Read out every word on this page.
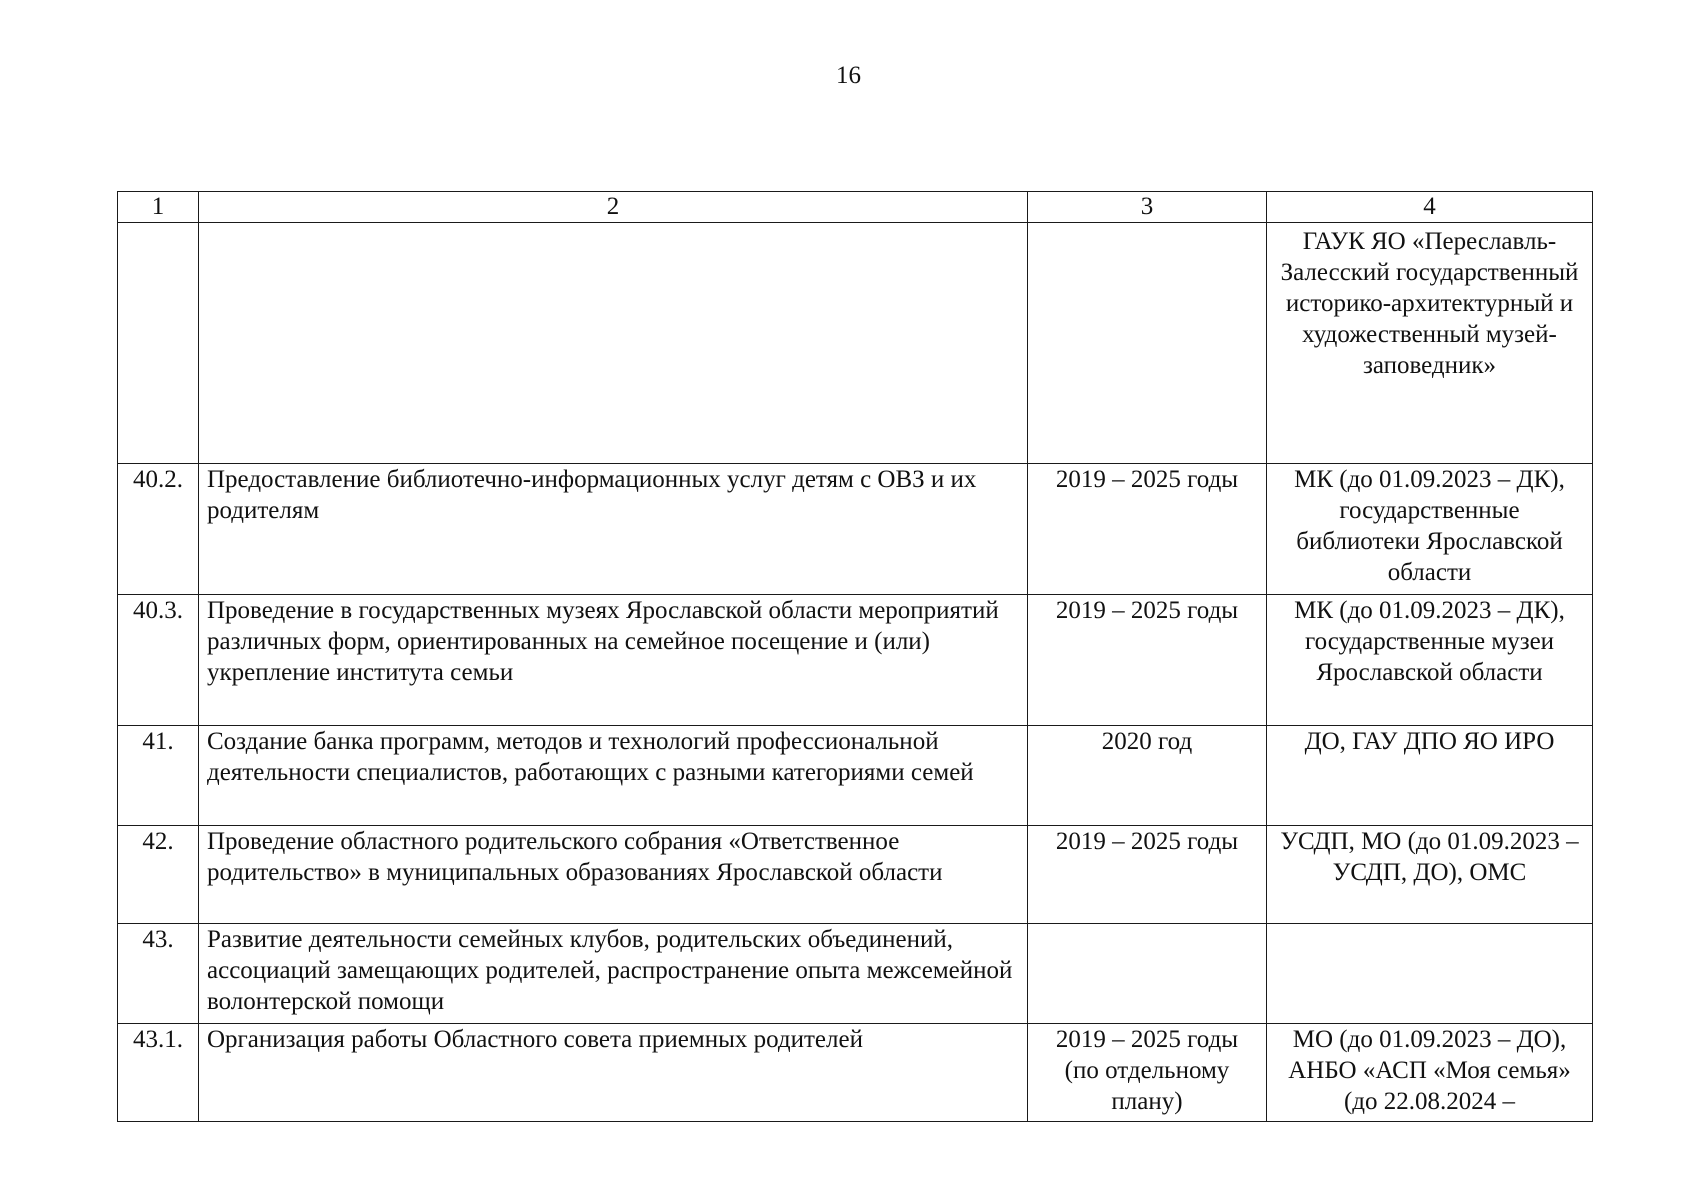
16
1	2	3	4
			ГАУК ЯО «Переславль-Залесский государственный историко-архитектурный и художественный музей-заповедник»
40.2.	Предоставление библиотечно-информационных услуг детям с ОВЗ и их родителям	2019 – 2025 годы	МК (до 01.09.2023 – ДК), государственные библиотеки Ярославской области
40.3.	Проведение в государственных музеях Ярославской области мероприятий различных форм, ориентированных на семейное посещение и (или) укрепление института семьи	2019 – 2025 годы	МК (до 01.09.2023 – ДК), государственные музеи Ярославской области
41.	Создание банка программ, методов и технологий профессиональной деятельности специалистов, работающих с разными категориями семей	2020 год	ДО, ГАУ ДПО ЯО ИРО
42.	Проведение областного родительского собрания «Ответственное родительство» в муниципальных образованиях Ярославской области	2019 – 2025 годы	УСДП, МО (до 01.09.2023 – УСДП, ДО), ОМС
43.	Развитие деятельности семейных клубов, родительских объединений, ассоциаций замещающих родителей, распространение опыта межсемейной волонтерской помощи		
43.1.	Организация работы Областного совета приемных родителей	2019 – 2025 годы (по отдельному плану)	МО (до 01.09.2023 – ДО), АНБО «АСП «Моя семья» (до 22.08.2024 –
